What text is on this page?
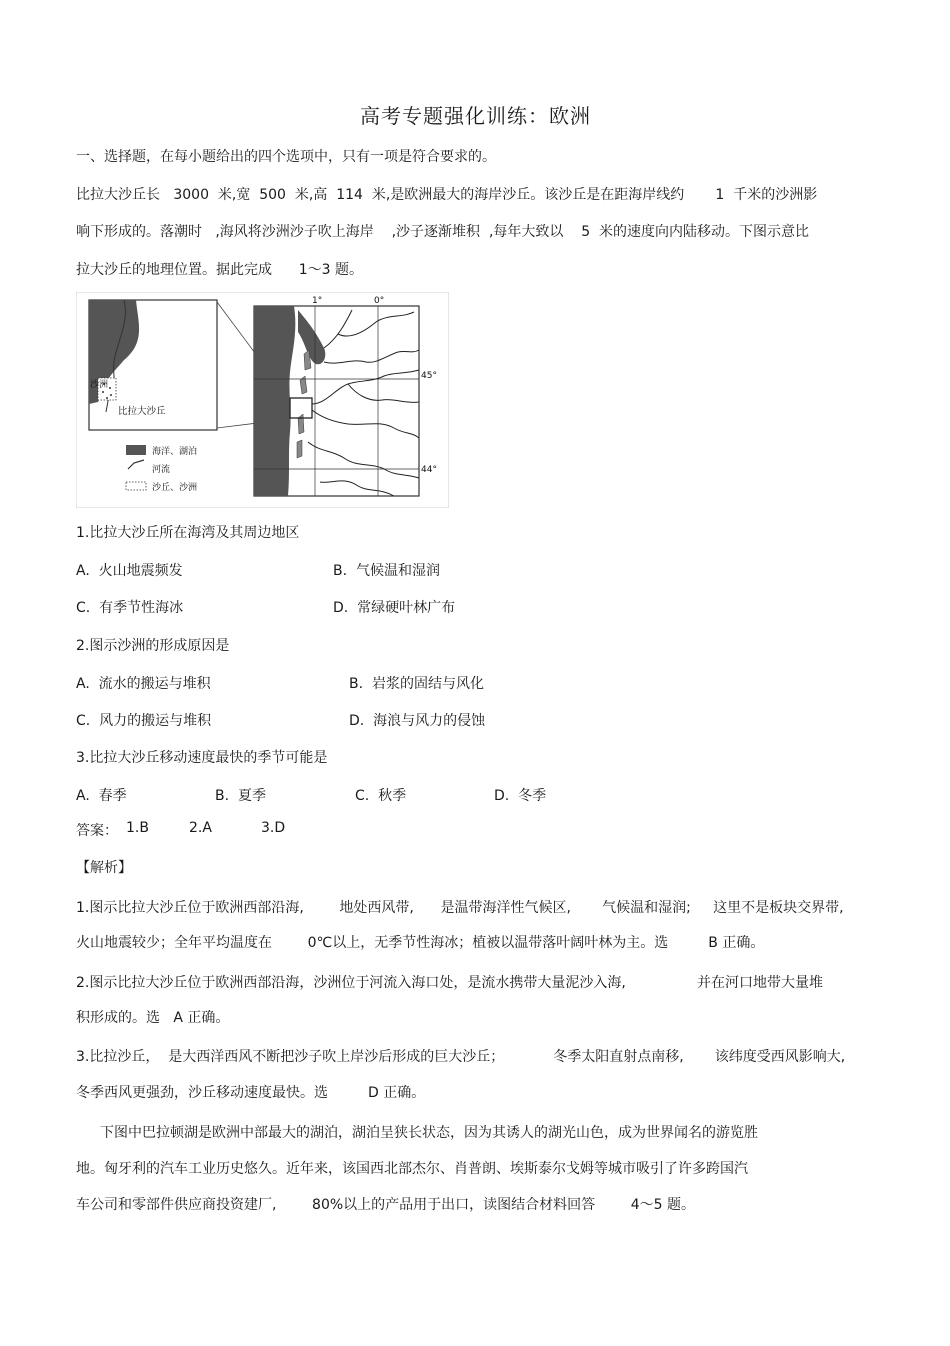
高考专题强化训练：欧洲
一、选择题，在每小题给出的四个选项中，只有一项是符合要求的。
比拉大沙丘长   3000  米,宽  500  米,高  114  米,是欧洲最大的海岸沙丘。该沙丘是在距海岸线约       1  千米的沙洲影
响下形成的。落潮时   ,海风将沙洲沙子吹上海岸    ,沙子逐渐堆积  ,每年大致以    5  米的速度向内陆移动。下图示意比
拉大沙丘的地理位置。据此完成      1～3 题。
沙洲
比拉大沙丘
海洋、湖泊
河流
沙丘、沙洲
1°	0°
45°
44°
1.比拉大沙丘所在海湾及其周边地区
A.  火山地震频发	B.  气候温和湿润
C.  有季节性海冰	D.  常绿硬叶林广布
2.图示沙洲的形成原因是
A.  流水的搬运与堆积	B.  岩浆的固结与风化
C.  风力的搬运与堆积	D.  海浪与风力的侵蚀
3.比拉大沙丘移动速度最快的季节可能是
A.  春季	B.  夏季	C.  秋季	D.  冬季
答案： 1.B	2.A	3.D
【解析】
1.图示比拉大沙丘位于欧洲西部沿海,        地处西风带,      是温带海洋性气候区,       气候温和湿润;     这里不是板块交界带,
火山地震较少；全年平均温度在        0℃以上，无季节性海冰；植被以温带落叶阔叶林为主。选         B 正确。
2.图示比拉大沙丘位于欧洲西部沿海，沙洲位于河流入海口处，是流水携带大量泥沙入海,                并在河口地带大量堆
积形成的。选   A 正确。
3.比拉沙丘，  是大西洋西风不断把沙子吹上岸沙后形成的巨大沙丘；           冬季太阳直射点南移,       该纬度受西风影响大,
冬季西风更强劲，沙丘移动速度最快。选         D 正确。
下图中巴拉顿湖是欧洲中部最大的湖泊，湖泊呈狭长状态，因为其诱人的湖光山色，成为世界闻名的游览胜
地。匈牙利的汽车工业历史悠久。近年来，该国西北部杰尔、肖普朗、埃斯泰尔戈姆等城市吸引了许多跨国汽
车公司和零部件供应商投资建厂,        80%以上的产品用于出口，读图结合材料回答        4～5 题。
